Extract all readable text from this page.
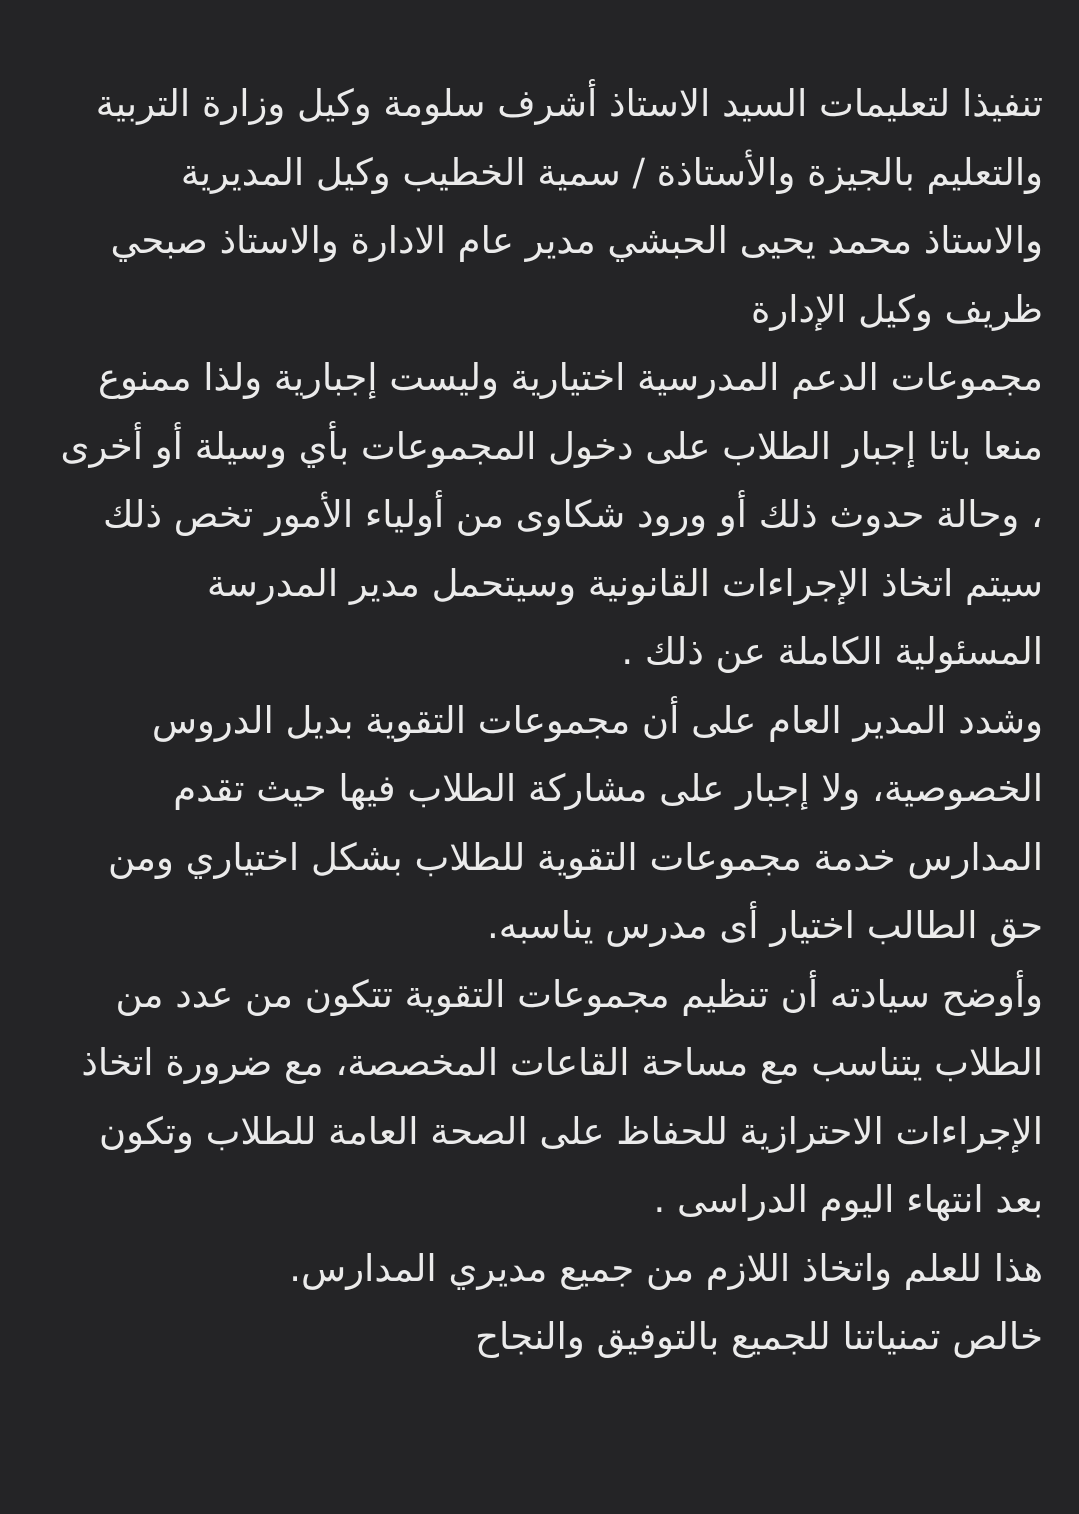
تنفيذا لتعليمات السيد الاستاذ أشرف سلومة وكيل وزارة التربية والتعليم بالجيزة والأستاذة / سمية الخطيب وكيل المديرية

والاستاذ محمد يحيى الحبشي مدير عام الادارة والاستاذ صبحي ظريف وكيل الإدارة

مجموعات الدعم المدرسية اختيارية وليست إجبارية ولذا ممنوع منعا باتا إجبار الطلاب على دخول المجموعات بأي وسيلة أو أخرى ، وحالة حدوث ذلك أو ورود شكاوى من أولياء الأمور تخص ذلك سيتم اتخاذ الإجراءات القانونية وسيتحمل مدير المدرسة المسئولية الكاملة عن ذلك .

وشدد المدير العام على أن مجموعات التقوية بديل الدروس الخصوصية، ولا إجبار على مشاركة الطلاب فيها حيث تقدم المدارس خدمة مجموعات التقوية للطلاب بشكل اختياري ومن حق الطالب اختيار أى مدرس يناسبه.

وأوضح سيادته أن تنظيم مجموعات التقوية تتكون من عدد من الطلاب يتناسب مع مساحة القاعات المخصصة، مع ضرورة اتخاذ الإجراءات الاحترازية للحفاظ على الصحة العامة للطلاب وتكون بعد انتهاء اليوم الدراسى .

هذا للعلم واتخاذ اللازم من جميع مديري المدارس.

خالص تمنياتنا للجميع بالتوفيق والنجاح
